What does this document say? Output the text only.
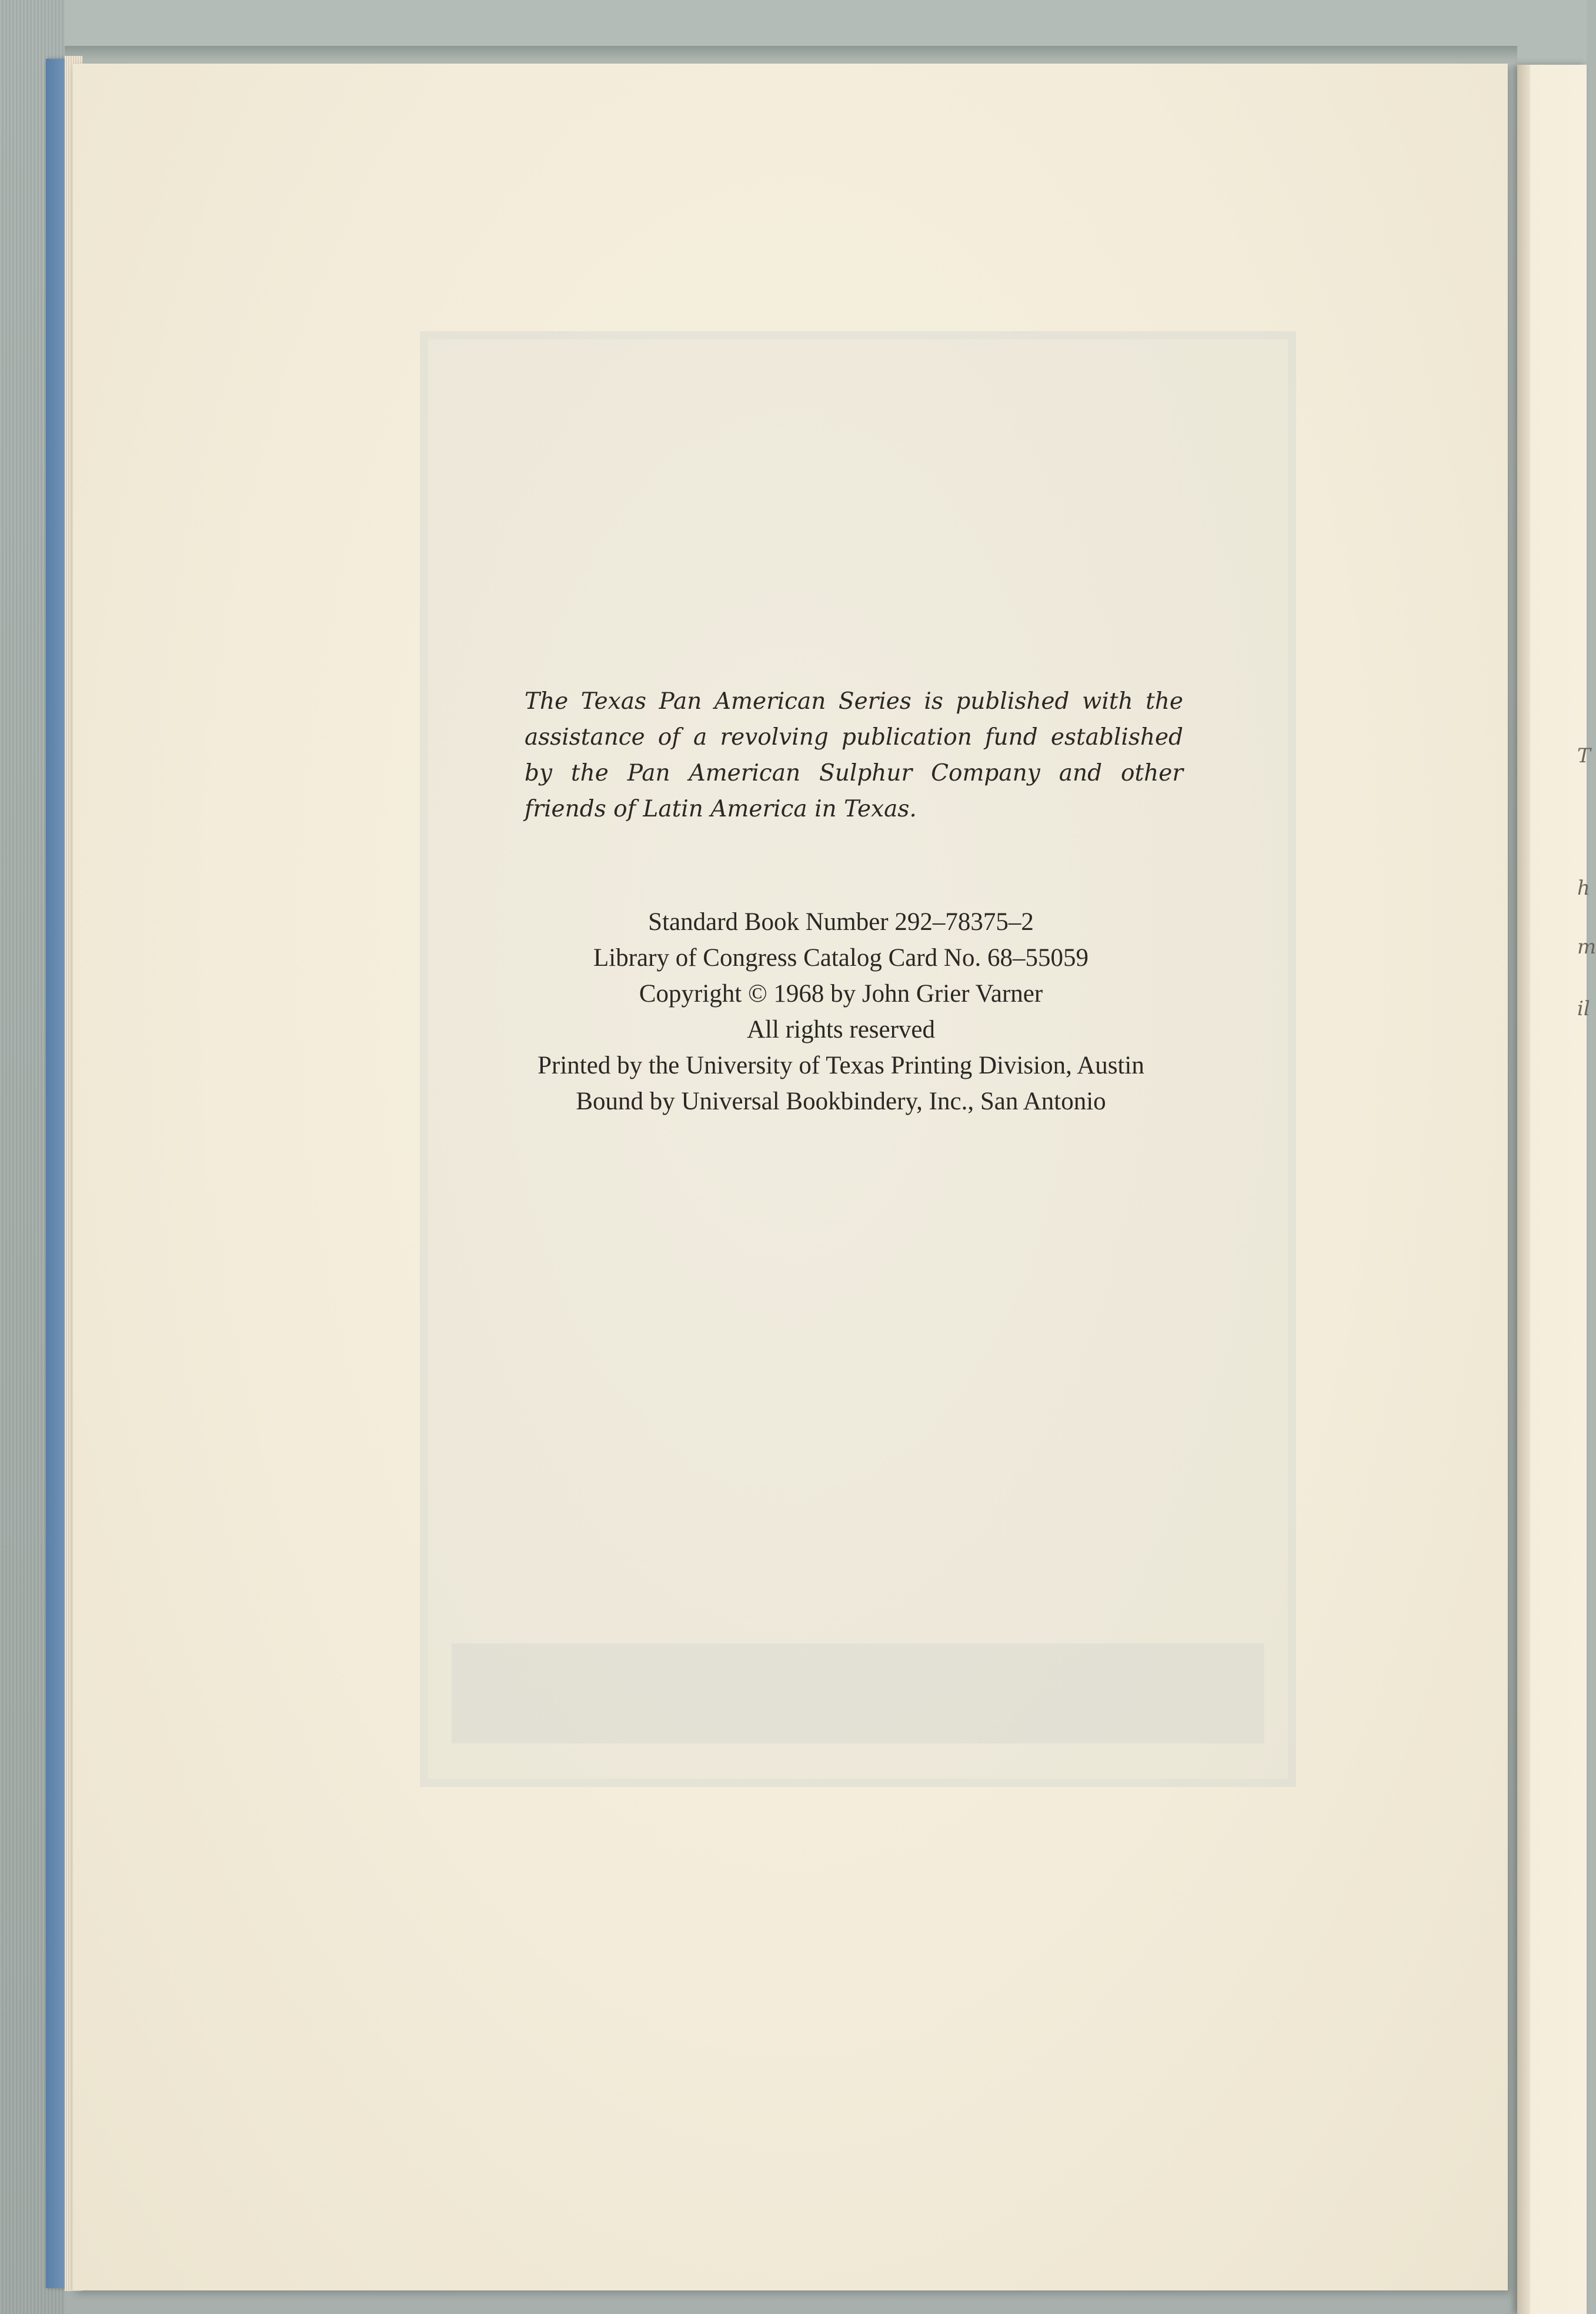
The Texas Pan American Series is published with the assistance of a revolving publication fund established by the Pan American Sulphur Company and other friends of Latin America in Texas.

Standard Book Number 292–78375–2
Library of Congress Catalog Card No. 68–55059
Copyright © 1968 by John Grier Varner
All rights reserved
Printed by the University of Texas Printing Division, Austin
Bound by Universal Bookbindery, Inc., San Antonio
T
h
m
il
